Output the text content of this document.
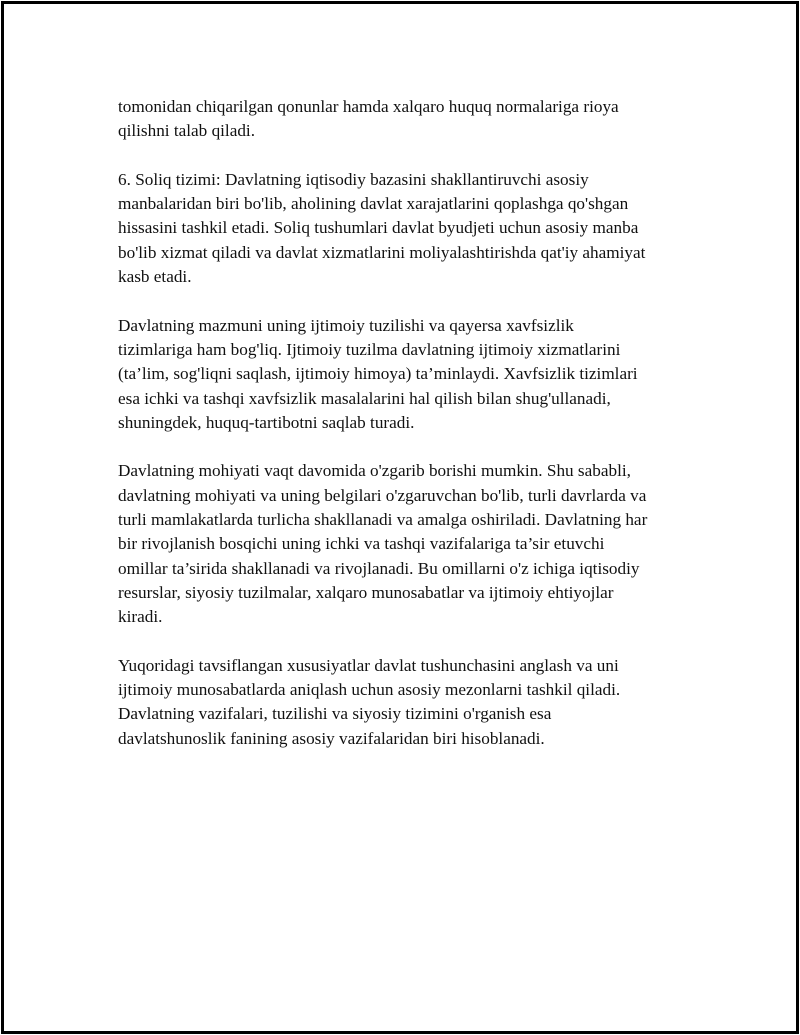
tomonidan chiqarilgan qonunlar hamda xalqaro huquq normalariga rioya
qilishni talab qiladi.

6. Soliq tizimi: Davlatning iqtisodiy bazasini shakllantiruvchi asosiy
manbalaridan biri bo'lib, aholining davlat xarajatlarini qoplashga qo'shgan
hissasini tashkil etadi. Soliq tushumlari davlat byudjeti uchun asosiy manba
bo'lib xizmat qiladi va davlat xizmatlarini moliyalashtirishda qat'iy ahamiyat
kasb etadi.

Davlatning mazmuni uning ijtimoiy tuzilishi va qayersa xavfsizlik
tizimlariga ham bog'liq. Ijtimoiy tuzilma davlatning ijtimoiy xizmatlarini
(ta’lim, sog'liqni saqlash, ijtimoiy himoya) ta’minlaydi. Xavfsizlik tizimlari
esa ichki va tashqi xavfsizlik masalalarini hal qilish bilan shug'ullanadi,
shuningdek, huquq-tartibotni saqlab turadi.

Davlatning mohiyati vaqt davomida o'zgarib borishi mumkin. Shu sababli,
davlatning mohiyati va uning belgilari o'zgaruvchan bo'lib, turli davrlarda va
turli mamlakatlarda turlicha shakllanadi va amalga oshiriladi. Davlatning har
bir rivojlanish bosqichi uning ichki va tashqi vazifalariga ta’sir etuvchi
omillar ta’sirida shakllanadi va rivojlanadi. Bu omillarni o'z ichiga iqtisodiy
resurslar, siyosiy tuzilmalar, xalqaro munosabatlar va ijtimoiy ehtiyojlar
kiradi.

Yuqoridagi tavsiflangan xususiyatlar davlat tushunchasini anglash va uni
ijtimoiy munosabatlarda aniqlash uchun asosiy mezonlarni tashkil qiladi.
Davlatning vazifalari, tuzilishi va siyosiy tizimini o'rganish esa
davlatshunoslik fanining asosiy vazifalaridan biri hisoblanadi.
